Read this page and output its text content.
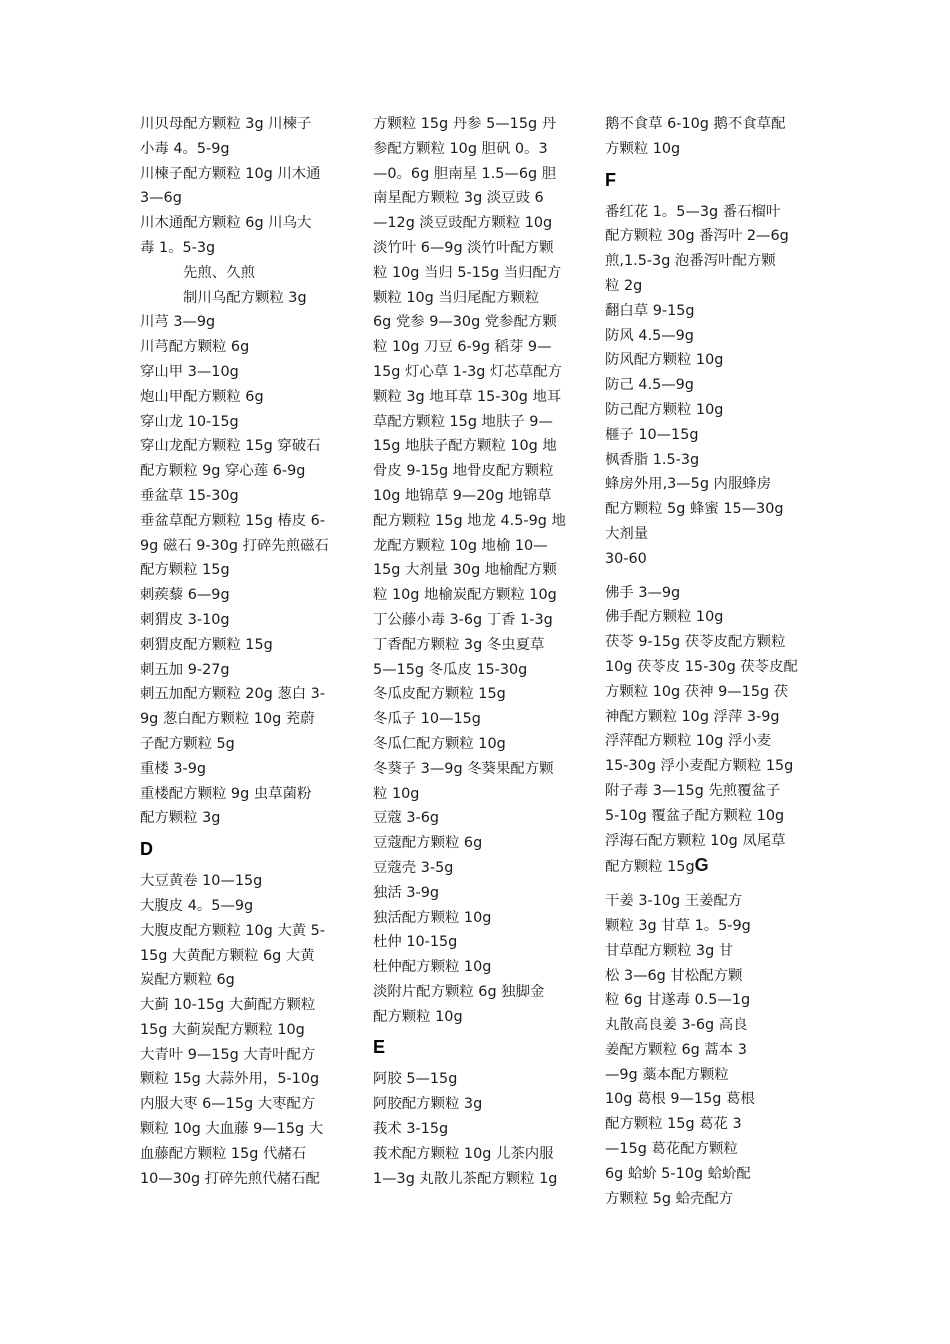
川贝母配方颗粒 3g 川楝子

小毒 4。5-9g

川楝子配方颗粒 10g 川木通

3—6g

川木通配方颗粒 6g 川乌大

毒 1。5-3g

先煎、久煎

制川乌配方颗粒 3g

川芎 3—9g

川芎配方颗粒 6g

穿山甲 3—10g

炮山甲配方颗粒 6g

穿山龙 10-15g

穿山龙配方颗粒 15g 穿破石

配方颗粒 9g 穿心莲 6-9g

垂盆草 15-30g

垂盆草配方颗粒 15g 椿皮 6-

9g 磁石 9-30g 打碎先煎磁石

配方颗粒 15g

刺蒺藜 6—9g

刺猬皮 3-10g

刺猬皮配方颗粒 15g

刺五加 9-27g

刺五加配方颗粒 20g 葱白 3-

9g 葱白配方颗粒 10g 茺蔚

子配方颗粒 5g

重楼 3-9g

重楼配方颗粒 9g 虫草菌粉

配方颗粒 3g

D

大豆黄卷 10—15g

大腹皮 4。5—9g

大腹皮配方颗粒 10g 大黄 5-

15g 大黄配方颗粒 6g 大黄

炭配方颗粒 6g

大蓟 10-15g 大蓟配方颗粒

15g 大蓟炭配方颗粒 10g

大青叶 9—15g 大青叶配方

颗粒 15g 大蒜外用，5-10g

内服大枣 6—15g 大枣配方

颗粒 10g 大血藤 9—15g 大

血藤配方颗粒 15g 代赭石

10—30g 打碎先煎代赭石配

方颗粒 15g 丹参 5—15g 丹

参配方颗粒 10g 胆矾 0。3

—0。6g 胆南星 1.5—6g 胆

南星配方颗粒 3g 淡豆豉 6

—12g 淡豆豉配方颗粒 10g

淡竹叶 6—9g 淡竹叶配方颗

粒 10g 当归 5-15g 当归配方

颗粒 10g 当归尾配方颗粒

6g 党参 9—30g 党参配方颗

粒 10g 刀豆 6-9g 稻芽 9—

15g 灯心草 1-3g 灯芯草配方

颗粒 3g 地耳草 15-30g 地耳

草配方颗粒 15g 地肤子 9—

15g 地肤子配方颗粒 10g 地

骨皮 9-15g 地骨皮配方颗粒

10g 地锦草 9—20g 地锦草

配方颗粒 15g 地龙 4.5-9g 地

龙配方颗粒 10g 地榆 10—

15g 大剂量 30g 地榆配方颗

粒 10g 地榆炭配方颗粒 10g

丁公藤小毒 3-6g 丁香 1-3g

丁香配方颗粒 3g 冬虫夏草

5—15g 冬瓜皮 15-30g

冬瓜皮配方颗粒 15g

冬瓜子 10—15g

冬瓜仁配方颗粒 10g

冬葵子 3—9g 冬葵果配方颗

粒 10g

豆蔻 3-6g

豆蔻配方颗粒 6g

豆蔻壳 3-5g

独活 3-9g

独活配方颗粒 10g

杜仲 10-15g

杜仲配方颗粒 10g

淡附片配方颗粒 6g 独脚金

配方颗粒 10g

E

阿胶 5—15g

阿胶配方颗粒 3g

莪术 3-15g

莪术配方颗粒 10g 儿茶内服

1—3g 丸散儿茶配方颗粒 1g

鹅不食草 6-10g 鹅不食草配

方颗粒 10g

F

番红花 1。5—3g 番石榴叶

配方颗粒 30g 番泻叶 2—6g

煎,1.5-3g 泡番泻叶配方颗

粒 2g

翻白草 9-15g

防风 4.5—9g

防风配方颗粒 10g

防己 4.5—9g

防己配方颗粒 10g

榧子 10—15g

枫香脂 1.5-3g

蜂房外用,3—5g 内服蜂房

配方颗粒 5g 蜂蜜 15—30g

大剂量

30-60

佛手 3—9g

佛手配方颗粒 10g

茯苓 9-15g 茯苓皮配方颗粒

10g 茯苓皮 15-30g 茯苓皮配

方颗粒 10g 茯神 9—15g 茯

神配方颗粒 10g 浮萍 3-9g

浮萍配方颗粒 10g 浮小麦

15-30g 浮小麦配方颗粒 15g

附子毒 3—15g 先煎覆盆子

5-10g 覆盆子配方颗粒 10g

浮海石配方颗粒 10g 凤尾草

配方颗粒 15gG

干姜 3-10g 王姜配方

颗粒 3g 甘草 1。5-9g

甘草配方颗粒 3g 甘

松 3—6g 甘松配方颗

粒 6g 甘遂毒 0.5—1g

丸散高良姜 3-6g 高良

姜配方颗粒 6g 蒿本 3

—9g 藁本配方颗粒

10g 葛根 9—15g 葛根

配方颗粒 15g 葛花 3

—15g 葛花配方颗粒

6g 蛤蚧 5-10g 蛤蚧配

方颗粒 5g 蛤壳配方
